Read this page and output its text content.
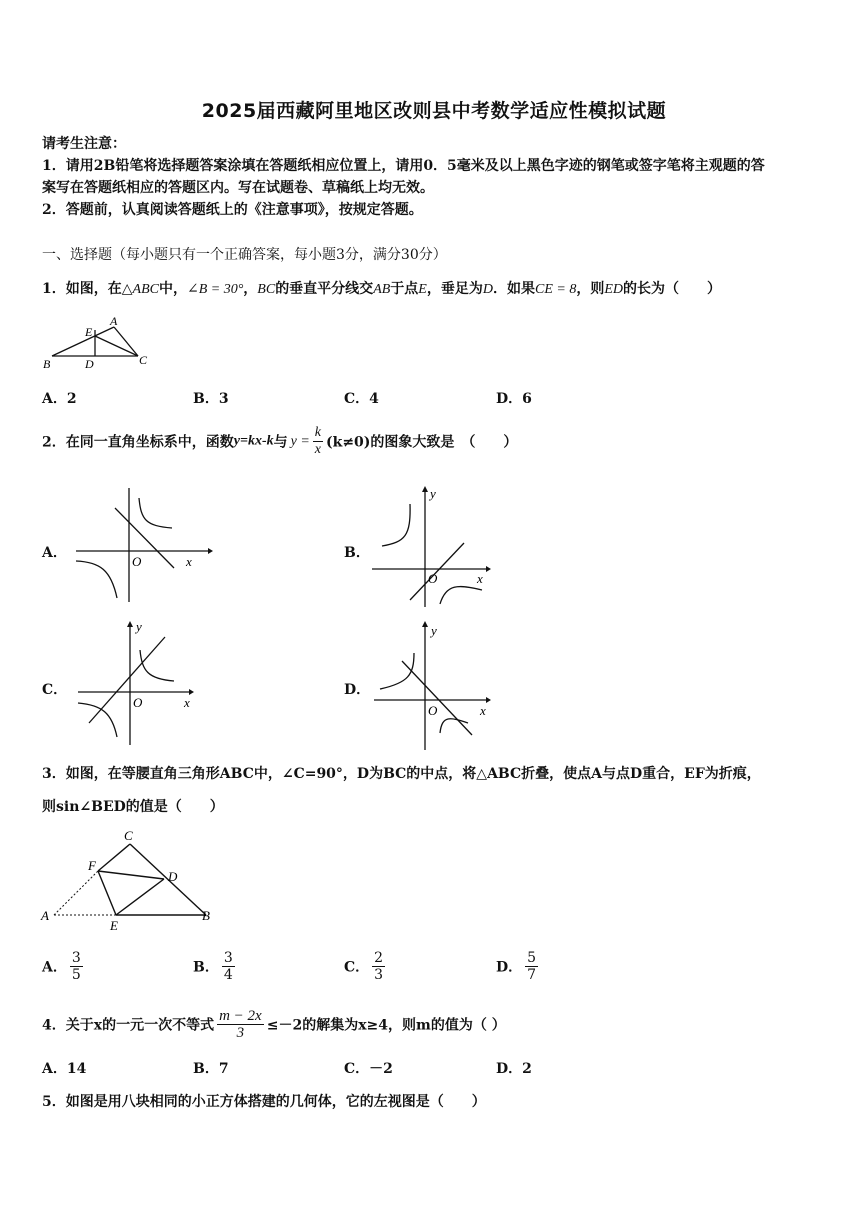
2025届西藏阿里地区改则县中考数学适应性模拟试题
请考生注意：
1．请用2B铅笔将选择题答案涂填在答题纸相应位置上，请用0．5毫米及以上黑色字迹的钢笔或签字笔将主观题的答
案写在答题纸相应的答题区内。写在试题卷、草稿纸上均无效。
2．答题前，认真阅读答题纸上的《注意事项》，按规定答题。
一、选择题（每小题只有一个正确答案，每小题3分，满分30分）
1．如图，在△ABC中，∠B = 30°，BC的垂直平分线交AB于点E，垂足为D．如果CE = 8，则ED的长为（　　）
B	D	C
E
A
A．2	B．3	C．4	D．6
2．在同一直角坐标系中，函数y=kx-k与 $y = \frac{k}{x} (k\ne 0)$的图象大致是　（　　）
A．
O	x
B．
y
O	x
C．
y
O	x
D．
y
O	x
3．如图，在等腰直角三角形ABC中，∠C=90°，D为BC的中点，将△ABC折叠，使点A与点D重合，EF为折痕，
则sin∠BED的值是（　　）
C
F
D
A
E
B
A． $\frac{3}{5}$	B． $\frac{3}{4}$	C． $\frac{2}{3}$	D． $\frac{5}{7}$
4．关于x的一元一次不等式 $\frac{m - 2x}{3} \le-2$的解集为x≥4，则m的值为（ ）
A．14	B．7	C．－2	D．2
5．如图是用八块相同的小正方体搭建的几何体，它的左视图是（　　）
